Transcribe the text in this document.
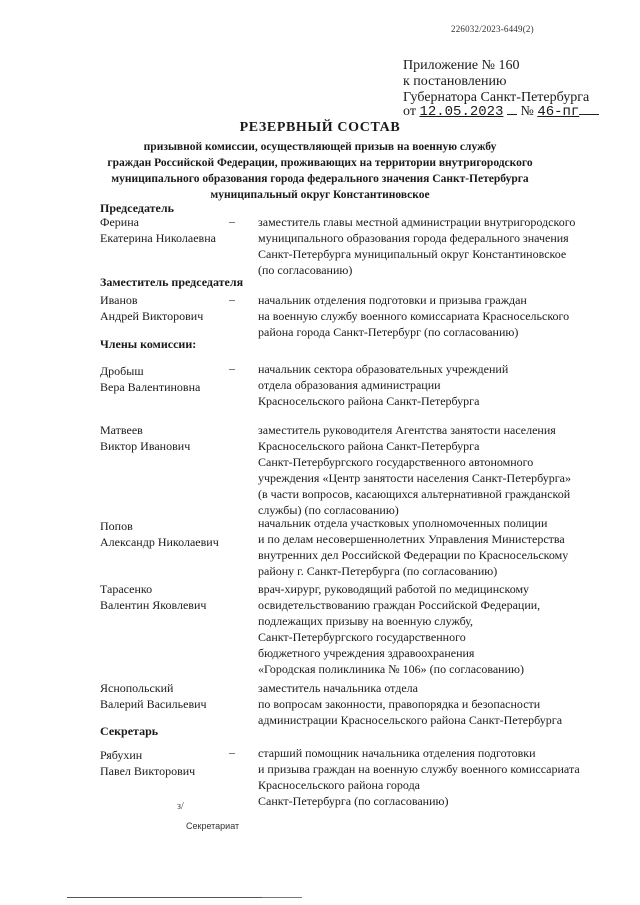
226032/2023-6449(2)
Приложение № 160
к постановлению
Губернатора Санкт-Петербурга
от 12.05.2023 № 46-пг
РЕЗЕРВНЫЙ СОСТАВ
призывной комиссии, осуществляющей призыв на военную службу
граждан Российской Федерации, проживающих на территории внутригородского
муниципального образования города федерального значения Санкт-Петербурга
муниципальный округ Константиновское
Председатель
Ферина
Екатерина Николаевна
– заместитель главы местной администрации внутригородского
муниципального образования города федерального значения
Санкт-Петербурга муниципальный округ Константиновское
(по согласованию)
Заместитель председателя
Иванов
Андрей Викторович
– начальник отделения подготовки и призыва граждан
на военную службу военного комиссариата Красносельского
района города Санкт-Петербург (по согласованию)
Члены комиссии:
Дробыш
Вера Валентиновна
– начальник сектора образовательных учреждений
отдела образования администрации
Красносельского района Санкт-Петербурга
Матвеев
Виктор Иванович
заместитель руководителя Агентства занятости населения
Красносельского района Санкт-Петербурга
Санкт-Петербургского государственного автономного
учреждения «Центр занятости населения Санкт-Петербурга»
(в части вопросов, касающихся альтернативной гражданской
службы) (по согласованию)
Попов
Александр Николаевич
начальник отдела участковых уполномоченных полиции
и по делам несовершеннолетних Управления Министерства
внутренних дел Российской Федерации по Красносельскому
району г. Санкт-Петербурга (по согласованию)
Тарасенко
Валентин Яковлевич
врач-хирург, руководящий работой по медицинскому
освидетельствованию граждан Российской Федерации,
подлежащих призыву на военную службу,
Санкт-Петербургского государственного
бюджетного учреждения здравоохранения
«Городская поликлиника № 106» (по согласованию)
Яснопольский
Валерий Васильевич
заместитель начальника отдела
по вопросам законности, правопорядка и безопасности
администрации Красносельского района Санкт-Петербурга
Секретарь
Рябухин
Павел Викторович
– старший помощник начальника отделения подготовки
и призыва граждан на военную службу военного комиссариата
Красносельского района города
Санкт-Петербурга (по согласованию)
з/
Секретариат
